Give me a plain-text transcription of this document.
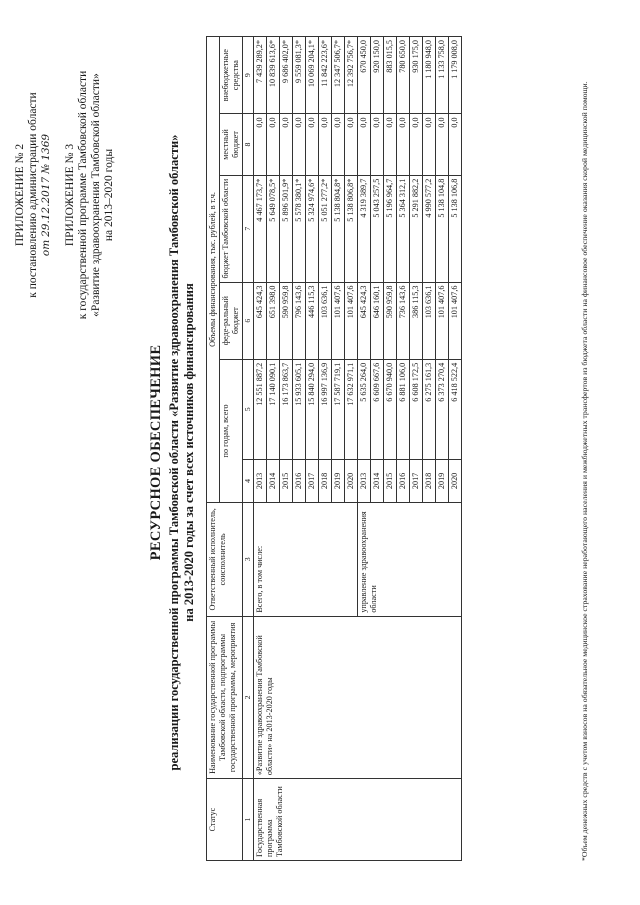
ПРИЛОЖЕНИЕ № 2 к постановлению администрации области от 29.12.2017 № 1369 ПРИЛОЖЕНИЕ № 3 к государственной программе Тамбовской области «Развитие здравоохранения Тамбовской области» на 2013–2020 годы
РЕСУРСНОЕ ОБЕСПЕЧЕНИЕ реализации государственной программы Тамбовской области «Развитие здравоохранения Тамбовской области» на 2013-2020 годы за счет всех источников финансирования
Статус	Наименование государственной программы Тамбовской области, подпрограммы государственной программы, мероприятия	Ответственный исполнитель, соисполнитель	Объемы финансирования, тыс. рублей, в т.ч.					
			по годам, всего		феде-ральный бюджет	бюджет Тамбовской области	местный бюджет	внебюджетные средства
1	2	3	4	5	6	7	8	9
Государственная программа Тамбовской области	«Развитие здравоохранения Тамбовской области» на 2013-2020 годы	Всего, в том числе:	2013	12 551 887,2	645 424,3	4 467 173,7*	0,0	7 439 289,2*
			2014	17 140 090,1	651 398,0	5 649 078,5*	0,0	10 839 613,6*
			2015	16 173 863,7	590 959,8	5 896 501,9*	0,0	9 686 402,0*
			2016	15 933 605,1	796 143,6	5 578 380,1*	0,0	9 559 081,3*
			2017	15 840 294,0	446 115,3	5 324 974,6*	0,0	10 069 204,1*
			2018	16 997 136,9	103 636,1	5 051 277,2*	0,0	11 842 223,6*
			2019	17 587 719,1	101 407,6	5 138 804,8*	0,0	12 347 506,7*
			2020	17 632 971,1	101 407,6	5 138 806,8*	0,0	12 392 756,7*
		управление здравоохранения области	2013	5 635 264,0	645 424,3	4 319 389,7	0,0	670 450,0
			2014	6 609 667,6	646 160,1	5 043 257,5	0,0	920 150,0
			2015	6 670 940,0	590 959,8	5 196 964,7	0,0	883 015,5
			2016	6 881 106,0	736 143,6	5 364 312,1	0,0	780 650,0
			2017	6 608 172,5	386 115,3	5 291 882,2	0,0	930 175,0
			2018	6 275 161,3	103 636,1	4 990 577,2	0,0	1 180 948,0
			2019	6 373 270,4	101 407,6	5 138 104,8	0,0	1 133 758,0
			2020	6 418 522,4	101 407,6	5 138 106,8	0,0	1 179 008,0
*Объем денежных средств с учетом взносов на обязательное медицинское страхование неработающего населения и межбюджетных трансфертов из бюджета области на финансовое обеспечение оказания скорой медицинской помощи.
